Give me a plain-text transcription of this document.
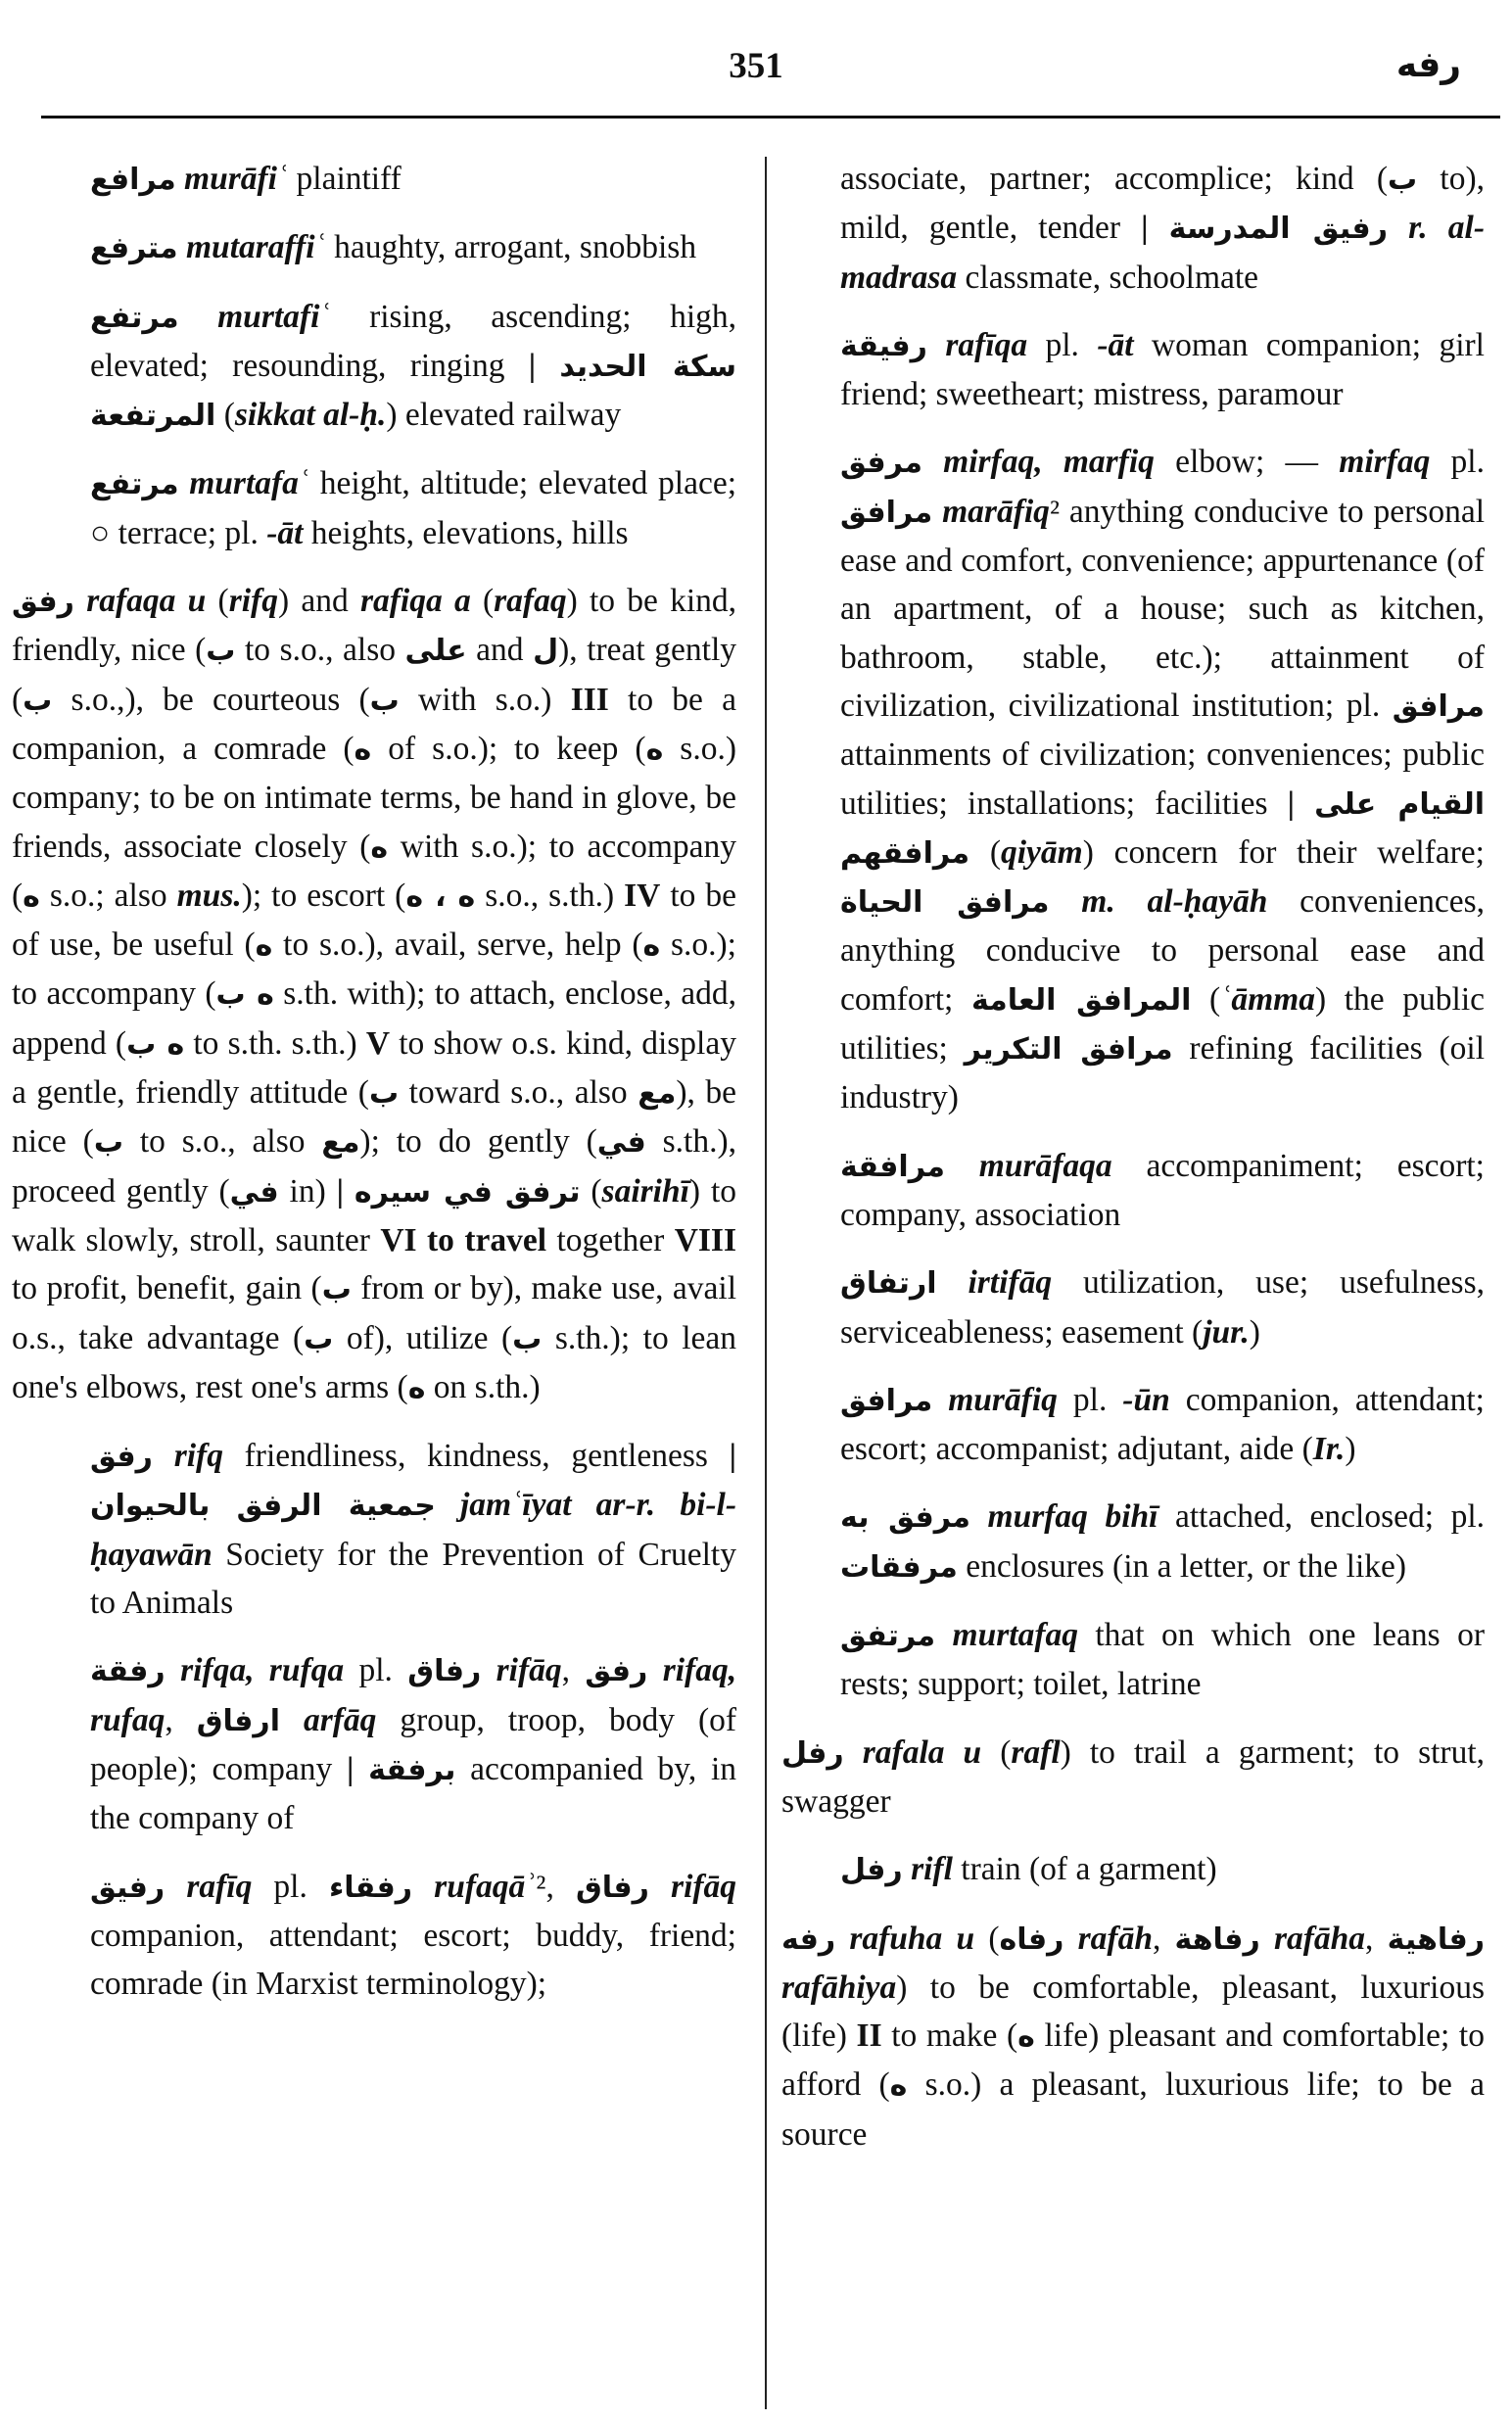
351	رفه

مرافع murāfiʿ plaintiff

مترفع mutaraffiʿ haughty, arrogant, snobbish

مرتفع murtafiʿ rising, ascending; high, elevated; resounding, ringing | سكة الحديد المرتفعة (sikkat al-ḥ.) elevated railway

مرتفع murtafaʿ height, altitude; elevated place; ○ terrace; pl. -āt heights, elevations, hills

رفق rafaqa u (rifq) and rafiqa a (rafaq) to be kind, friendly, nice (ب to s.o., also على and ل), treat gently (ب s.o.,), be courteous (ب with s.o.) III to be a companion, a comrade (ه of s.o.); to keep (ه s.o.) company; to be on intimate terms, be hand in glove, be friends, associate closely (ه with s.o.); to accompany (ه s.o.; also mus.); to escort (ه ، ه s.o., s.th.) IV to be of use, be useful (ه to s.o.), avail, serve, help (ه s.o.); to accompany (ه ب s.th. with); to attach, enclose, add, append (ه ب to s.th. s.th.) V to show o.s. kind, display a gentle, friendly attitude (ب toward s.o., also مع), be nice (ب to s.o., also مع); to do gently (في s.th.), proceed gently (في in) | ترفق في سيره (sairihī) to walk slowly, stroll, saunter VI to travel together VIII to profit, benefit, gain (ب from or by), make use, avail o.s., take advantage (ب of), utilize (ب s.th.); to lean one's elbows, rest one's arms (ه on s.th.)

رفق rifq friendliness, kindness, gentleness | جمعية الرفق بالحيوان jamʿīyat ar-r. bi-l-ḥayawān Society for the Prevention of Cruelty to Animals

رفقة rifqa, rufqa pl. رفاق rifāq, رفق rifaq, rufaq, ارفاق arfāq group, troop, body (of people); company | برفقة accompanied by, in the company of

رفيق rafīq pl. رفقاء rufaqāʾ², رفاق rifāq companion, attendant; escort; buddy, friend; comrade (in Marxist terminology);

associate, partner; accomplice; kind (ب to), mild, gentle, tender | رفيق المدرسة r. al-madrasa classmate, schoolmate

رفيقة rafīqa pl. -āt woman companion; girl friend; sweetheart; mistress, paramour

مرفق mirfaq, marfiq elbow; — mirfaq pl. مرافق marāfiq² anything conducive to personal ease and comfort, convenience; appurtenance (of an apartment, of a house; such as kitchen, bathroom, stable, etc.); attainment of civilization, civilizational institution; pl. مرافق attainments of civilization; conveniences; public utilities; installations; facilities | القيام على مرافقهم (qiyām) concern for their welfare; مرافق الحياة m. al-ḥayāh conveniences, anything conducive to personal ease and comfort; المرافق العامة (ʿāmma) the public utilities; مرافق التكرير refining facilities (oil industry)

مرافقة murāfaqa accompaniment; escort; company, association

ارتفاق irtifāq utilization, use; usefulness, serviceableness; easement (jur.)

مرافق murāfiq pl. -ūn companion, attendant; escort; accompanist; adjutant, aide (Ir.)

مرفق به murfaq bihī attached, enclosed; pl. مرفقات enclosures (in a letter, or the like)

مرتفق murtafaq that on which one leans or rests; support; toilet, latrine

رفل rafala u (rafl) to trail a garment; to strut, swagger

رفل rifl train (of a garment)

رفه rafuha u (رفاه rafāh, رفاهة rafāha, رفاهية rafāhiya) to be comfortable, pleasant, luxurious (life) II to make (ه life) pleasant and comfortable; to afford (ه s.o.) a pleasant, luxurious life; to be a source
